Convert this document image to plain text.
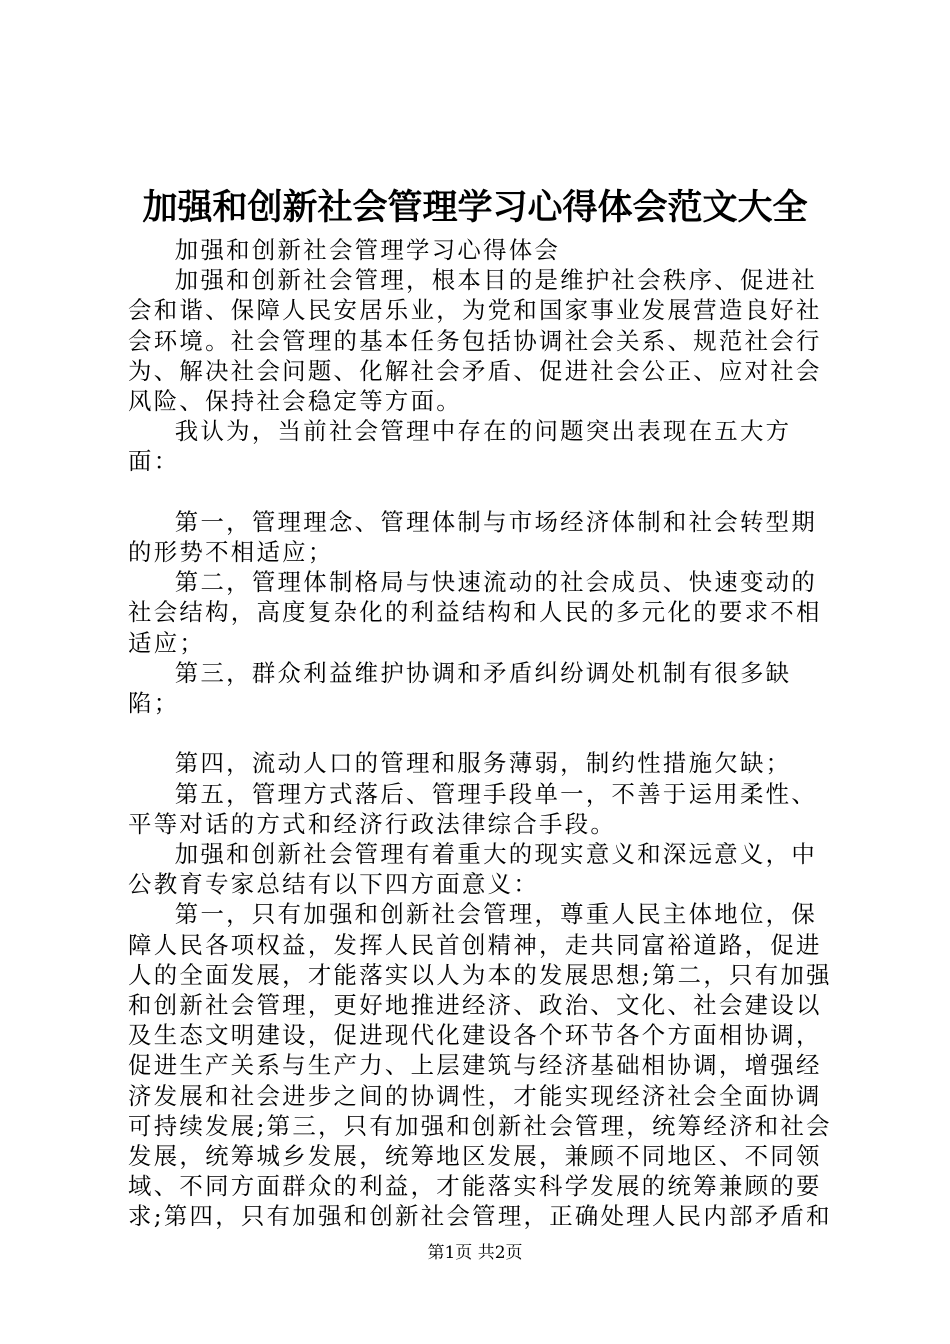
加强和创新社会管理学习心得体会范文大全

加强和创新社会管理学习心得体会

加强和创新社会管理，根本目的是维护社会秩序、促进社会和谐、保障人民安居乐业，为党和国家事业发展营造良好社会环境。社会管理的基本任务包括协调社会关系、规范社会行为、解决社会问题、化解社会矛盾、促进社会公正、应对社会风险、保持社会稳定等方面。

我认为，当前社会管理中存在的问题突出表现在五大方面：

第一，管理理念、管理体制与市场经济体制和社会转型期的形势不相适应；

第二，管理体制格局与快速流动的社会成员、快速变动的社会结构，高度复杂化的利益结构和人民的多元化的要求不相适应；

第三，群众利益维护协调和矛盾纠纷调处机制有很多缺陷；

第四，流动人口的管理和服务薄弱，制约性措施欠缺；

第五，管理方式落后、管理手段单一，不善于运用柔性、平等对话的方式和经济行政法律综合手段。

加强和创新社会管理有着重大的现实意义和深远意义，中公教育专家总结有以下四方面意义：

第一，只有加强和创新社会管理，尊重人民主体地位，保障人民各项权益，发挥人民首创精神，走共同富裕道路，促进人的全面发展，才能落实以人为本的发展思想;第二，只有加强和创新社会管理，更好地推进经济、政治、文化、社会建设以及生态文明建设，促进现代化建设各个环节各个方面相协调，促进生产关系与生产力、上层建筑与经济基础相协调，增强经济发展和社会进步之间的协调性，才能实现经济社会全面协调可持续发展;第三，只有加强和创新社会管理，统筹经济和社会发展，统筹城乡发展，统筹地区发展，兼顾不同地区、不同领域、不同方面群众的利益，才能落实科学发展的统筹兼顾的要求;第四，只有加强和创新社会管理，正确处理人民内部矛盾和

第1页 共2页
